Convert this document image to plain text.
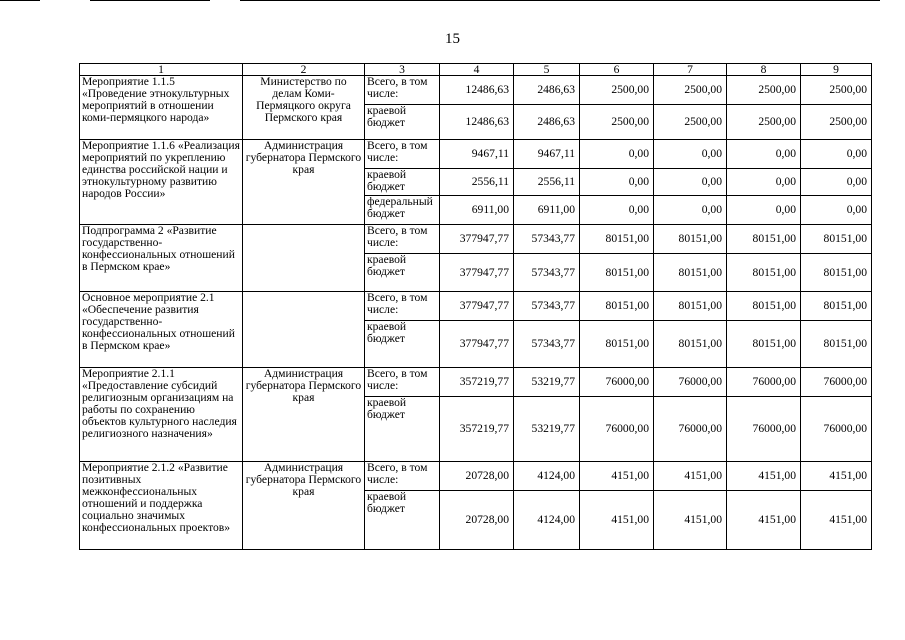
15
1	2	3	4	5	6	7	8	9
Мероприятие 1.1.5 «Проведение этнокультурных мероприятий в отношении коми-пермяцкого народа»	Министерство по делам Коми-Пермяцкого округа Пермского края	Всего, в том числе:	12486,63	2486,63	2500,00	2500,00	2500,00	2500,00
		краевой бюджет	12486,63	2486,63	2500,00	2500,00	2500,00	2500,00
Мероприятие 1.1.6 «Реализация мероприятий по укреплению единства российской нации и этнокультурному развитию народов России»	Администрация губернатора Пермского края	Всего, в том числе:	9467,11	9467,11	0,00	0,00	0,00	0,00
		краевой бюджет	2556,11	2556,11	0,00	0,00	0,00	0,00
		федеральный бюджет	6911,00	6911,00	0,00	0,00	0,00	0,00
Подпрограмма 2 «Развитие государственно-конфессиональных отношений в Пермском крае»		Всего, в том числе:	377947,77	57343,77	80151,00	80151,00	80151,00	80151,00
		краевой бюджет	377947,77	57343,77	80151,00	80151,00	80151,00	80151,00
Основное мероприятие 2.1 «Обеспечение развития государственно-конфессиональных отношений в Пермском крае»		Всего, в том числе:	377947,77	57343,77	80151,00	80151,00	80151,00	80151,00
		краевой бюджет	377947,77	57343,77	80151,00	80151,00	80151,00	80151,00
Мероприятие 2.1.1 «Предоставление субсидий религиозным организациям на работы по сохранению объектов культурного наследия религиозного назначения»	Администрация губернатора Пермского края	Всего, в том числе:	357219,77	53219,77	76000,00	76000,00	76000,00	76000,00
		краевой бюджет	357219,77	53219,77	76000,00	76000,00	76000,00	76000,00
Мероприятие 2.1.2 «Развитие позитивных межконфессиональных отношений и поддержка социально значимых конфессиональных проектов»	Администрация губернатора Пермского края	Всего, в том числе:	20728,00	4124,00	4151,00	4151,00	4151,00	4151,00
		краевой бюджет	20728,00	4124,00	4151,00	4151,00	4151,00	4151,00
